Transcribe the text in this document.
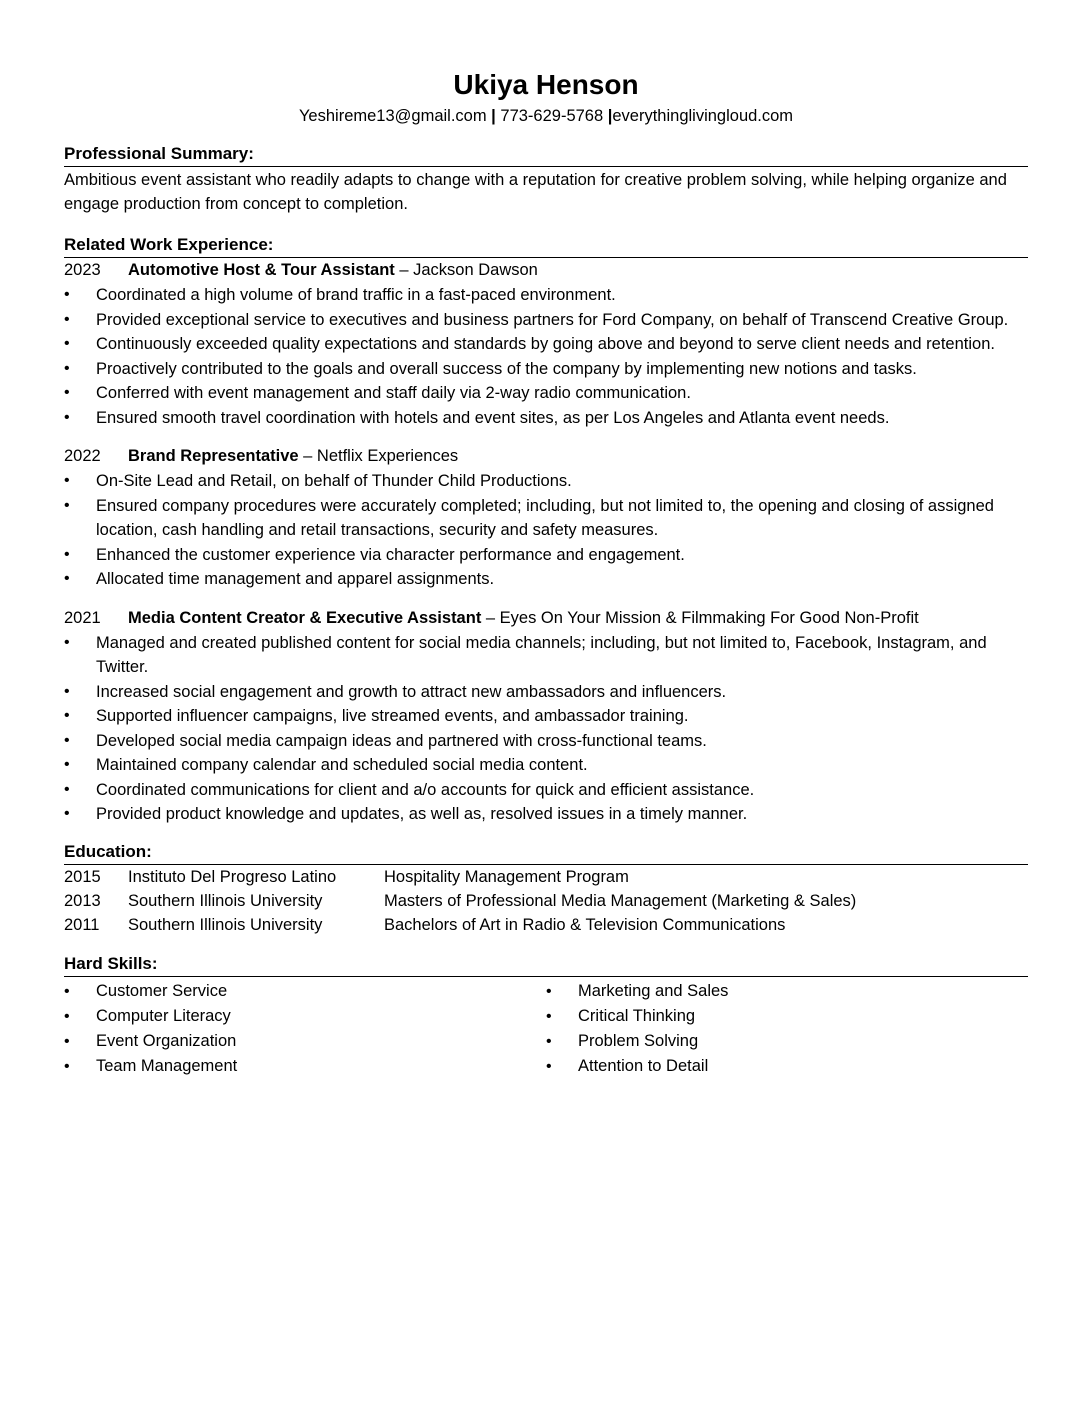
Ukiya Henson
Yeshireme13@gmail.com | 773-629-5768 |everythinglivingloud.com
Professional Summary:
Ambitious event assistant who readily adapts to change with a reputation for creative problem solving, while helping organize and engage production from concept to completion.
Related Work Experience:
2023 Automotive Host & Tour Assistant – Jackson Dawson
• Coordinated a high volume of brand traffic in a fast-paced environment.
• Provided exceptional service to executives and business partners for Ford Company, on behalf of Transcend Creative Group.
• Continuously exceeded quality expectations and standards by going above and beyond to serve client needs and retention.
• Proactively contributed to the goals and overall success of the company by implementing new notions and tasks.
• Conferred with event management and staff daily via 2-way radio communication.
• Ensured smooth travel coordination with hotels and event sites, as per Los Angeles and Atlanta event needs.
2022 Brand Representative – Netflix Experiences
• On-Site Lead and Retail, on behalf of Thunder Child Productions.
• Ensured company procedures were accurately completed; including, but not limited to, the opening and closing of assigned location, cash handling and retail transactions, security and safety measures.
• Enhanced the customer experience via character performance and engagement.
• Allocated time management and apparel assignments.
2021 Media Content Creator & Executive Assistant – Eyes On Your Mission & Filmmaking For Good Non-Profit
• Managed and created published content for social media channels; including, but not limited to, Facebook, Instagram, and Twitter.
• Increased social engagement and growth to attract new ambassadors and influencers.
• Supported influencer campaigns, live streamed events, and ambassador training.
• Developed social media campaign ideas and partnered with cross-functional teams.
• Maintained company calendar and scheduled social media content.
• Coordinated communications for client and a/o accounts for quick and efficient assistance.
• Provided product knowledge and updates, as well as, resolved issues in a timely manner.
Education:
2015 Instituto Del Progreso Latino	Hospitality Management Program
2013 Southern Illinois University	Masters of Professional Media Management (Marketing & Sales)
2011 Southern Illinois University	Bachelors of Art in Radio & Television Communications
Hard Skills:
• Customer Service
• Computer Literacy
• Event Organization
• Team Management
• Marketing and Sales
• Critical Thinking
• Problem Solving
• Attention to Detail
